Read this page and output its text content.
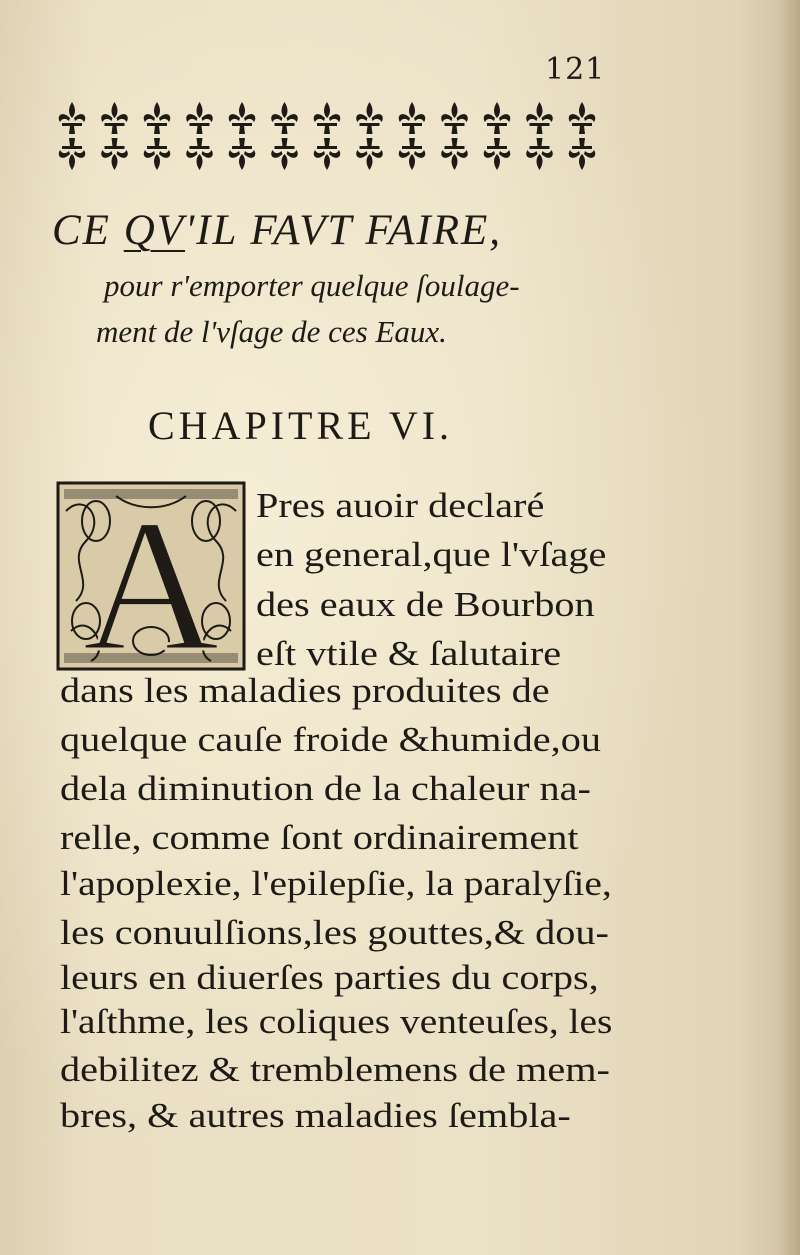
121
CE QV'IL FAVT FAIRE,
pour r'emporter quelque ſoulage-
ment de l'vſage de ces Eaux.
CHAPITRE VI.
A Pres auoir declaré
en general,que l'vſage
des eaux de Bourbon
eſt vtile & ſalutaire
dans les maladies produites de
quelque cauſe froide &humide,ou
dela diminution de la chaleur na-
relle, comme ſont ordinairement
l'apoplexie, l'epilepſie, la paralyſie,
les conuulſions,les gouttes,& dou-
leurs en diuerſes parties du corps,
l'aſthme, les coliques venteuſes, les
debilitez & tremblemens de mem-
bres, & autres maladies ſembla-
